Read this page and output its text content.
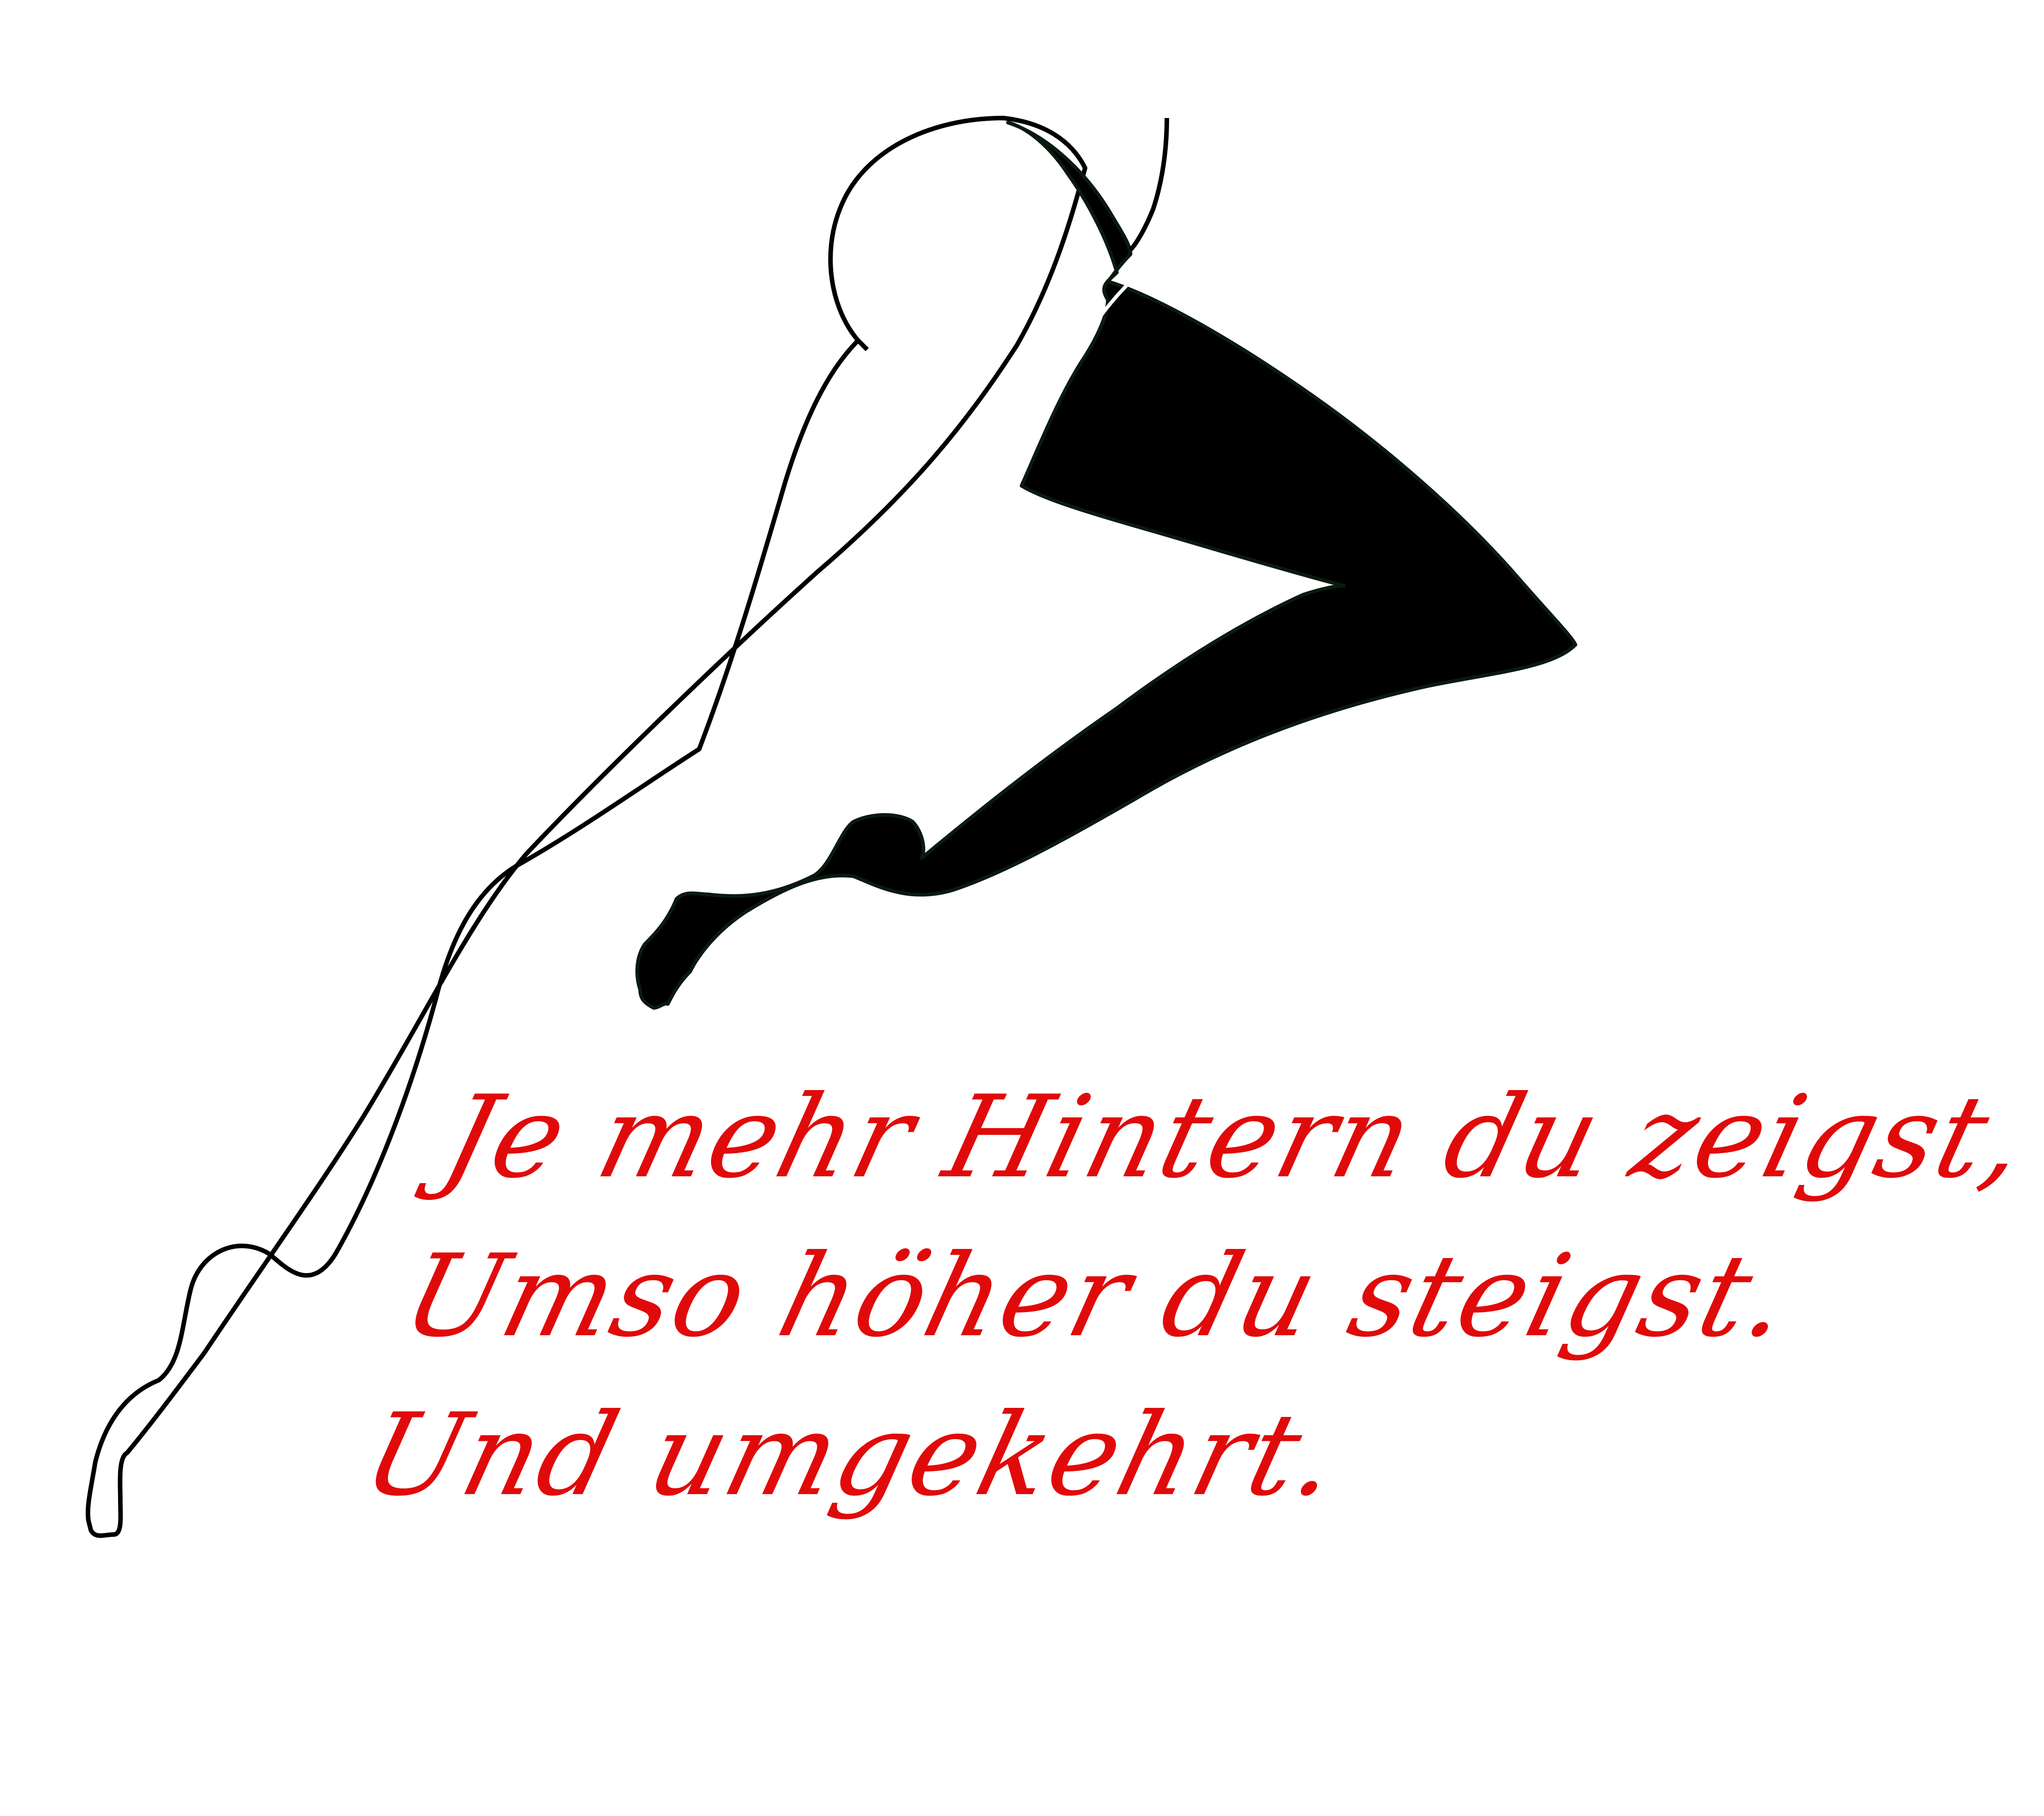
Je mehr Hintern du zeigst,
Umso höher du steigst.
Und umgekehrt.
